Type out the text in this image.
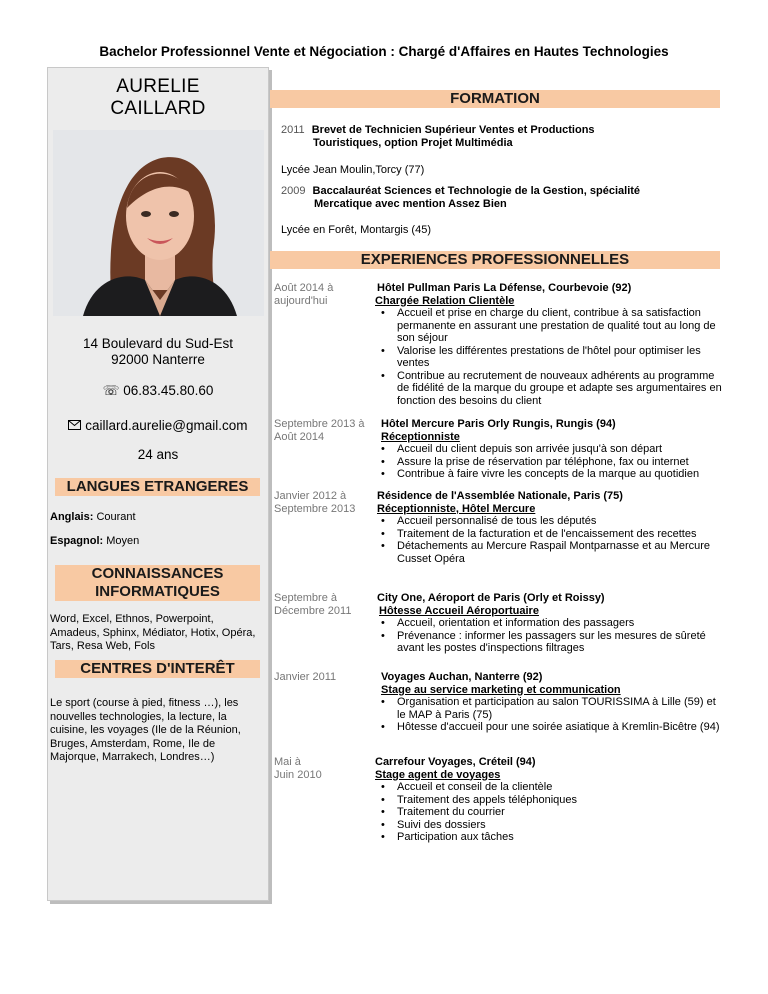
Bachelor Professionnel Vente et Négociation : Chargé d'Affaires en Hautes Technologies
AURELIE
CAILLARD
14 Boulevard du Sud-Est
92000 Nanterre
☏ 06.83.45.80.60
caillard.aurelie@gmail.com
24 ans
LANGUES ETRANGERES
Anglais: Courant
Espagnol: Moyen
CONNAISSANCES
INFORMATIQUES
Word, Excel, Ethnos, Powerpoint, Amadeus, Sphinx, Médiator, Hotix, Opéra, Tars, Resa Web, Fols
CENTRES D'INTERÊT
Le sport (course à pied, fitness …), les nouvelles technologies, la lecture, la cuisine, les voyages (Ile de la Réunion, Bruges, Amsterdam, Rome, Ile de Majorque, Marrakech, Londres…)
FORMATION
2011 Brevet de Technicien Supérieur Ventes et Productions
Touristiques, option Projet Multimédia
Lycée Jean Moulin,Torcy (77)
2009 Baccalauréat Sciences et Technologie de la Gestion, spécialité
Mercatique avec mention Assez Bien
Lycée en Forêt, Montargis (45)
EXPERIENCES PROFESSIONNELLES
Août 2014 à
aujourd'hui
Hôtel Pullman Paris La Défense, Courbevoie (92)
Chargée Relation Clientèle
• Accueil et prise en charge du client, contribue à sa satisfaction permanente en assurant une prestation de qualité tout au long de son séjour
• Valorise les différentes prestations de l'hôtel pour optimiser les ventes
• Contribue au recrutement de nouveaux adhérents au programme de fidélité de la marque du groupe et adapte ses argumentaires en fonction des besoins du client
Septembre 2013 à
Août 2014
Hôtel Mercure Paris Orly Rungis, Rungis (94)
Réceptionniste
• Accueil du client depuis son arrivée jusqu'à son départ
• Assure la prise de réservation par téléphone, fax ou internet
• Contribue à faire vivre les concepts de la marque au quotidien
Janvier 2012 à
Septembre 2013
Résidence de l'Assemblée Nationale, Paris (75)
Réceptionniste, Hôtel Mercure
• Accueil personnalisé de tous les députés
• Traitement de la facturation et de l'encaissement des recettes
• Détachements au Mercure Raspail Montparnasse et au Mercure Cusset Opéra
Septembre à
Décembre 2011
City One, Aéroport de Paris (Orly et Roissy)
Hôtesse Accueil Aéroportuaire
• Accueil, orientation et information des passagers
• Prévenance : informer les passagers sur les mesures de sûreté avant les postes d'inspections filtrages
Janvier 2011	Voyages Auchan, Nanterre (92)
Stage au service marketing et communication
• Organisation et participation au salon TOURISSIMA à Lille (59) et le MAP à Paris (75)
• Hôtesse d'accueil pour une soirée asiatique à Kremlin-Bicêtre (94)
Mai à
Juin 2010
Carrefour Voyages, Créteil (94)
Stage agent de voyages
• Accueil et conseil de la clientèle
• Traitement des appels téléphoniques
• Traitement du courrier
• Suivi des dossiers
• Participation aux tâches
